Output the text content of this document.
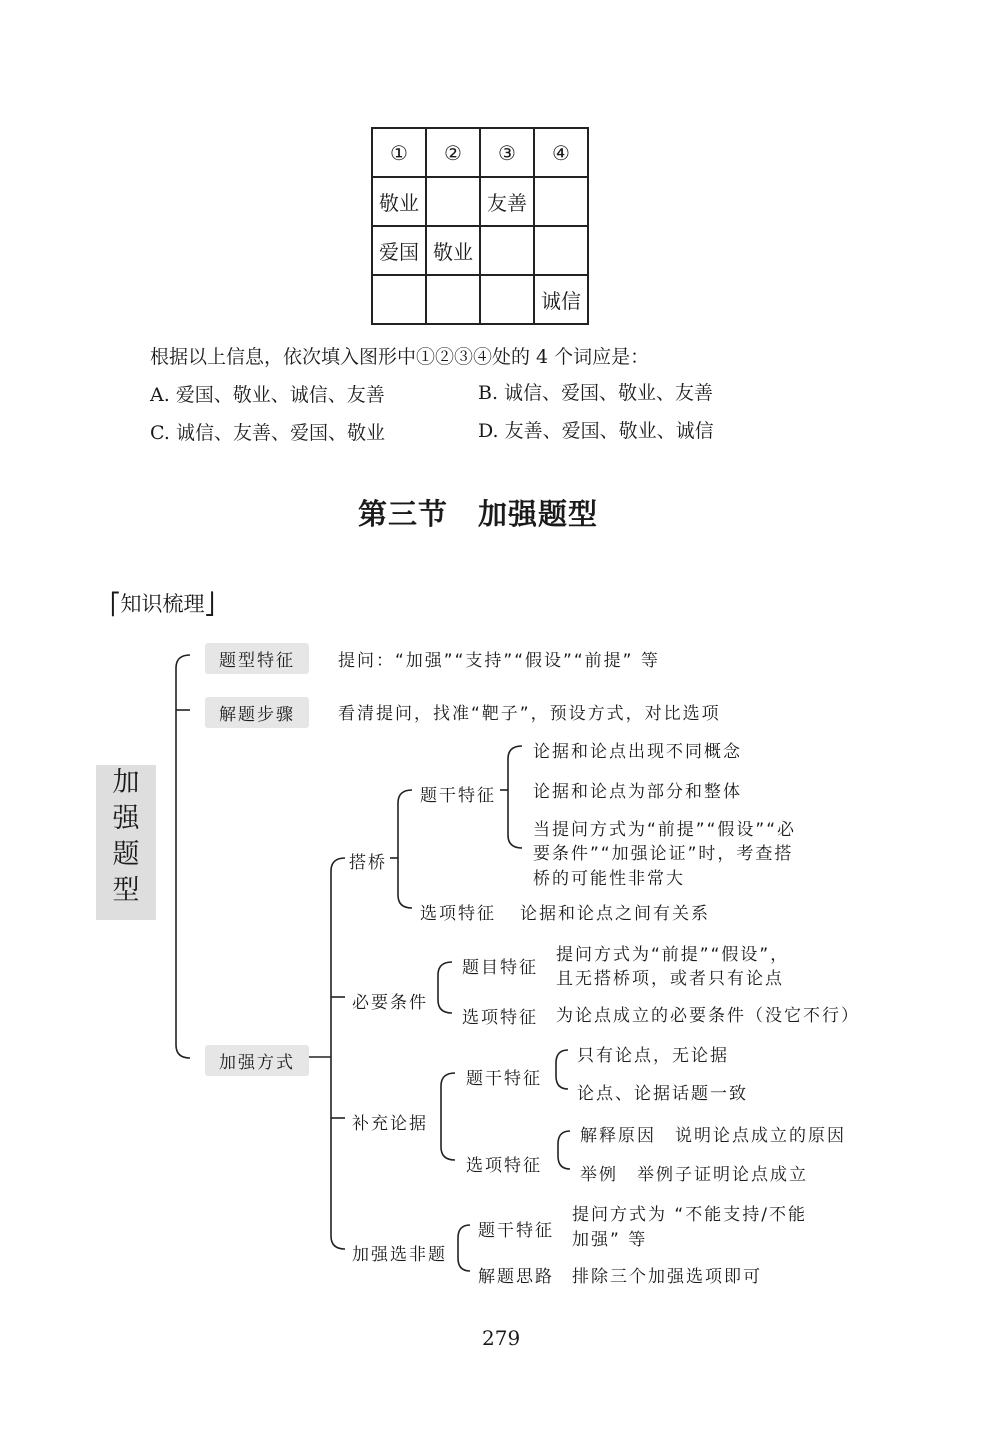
①	②	③	④
敬业		友善	
爱国	敬业		
			诚信
根据以上信息，依次填入图形中①②③④处的 4 个词应是：
A. 爱国、敬业、诚信、友善	B. 诚信、爱国、敬业、友善
C. 诚信、友善、爱国、敬业	D. 友善、爱国、敬业、诚信
第三节　加强题型
⎡知识梳理⎦
加
强
题
型
题型特征	提问：“加强”“支持”“假设”“前提” 等
解题步骤	看清提问，找准“靶子”，预设方式，对比选项
加强方式
搭桥
题干特征
论据和论点出现不同概念
论据和论点为部分和整体
当提问方式为“前提”“假设”“必
要条件”“加强论证”时，考查搭
桥的可能性非常大
选项特征 论据和论点之间有关系
必要条件
题目特征
提问方式为“前提”“假设”，
且无搭桥项，或者只有论点
选项特征 为论点成立的必要条件（没它不行）
补充论据
题干特征
只有论点，无论据
论点、论据话题一致
选项特征
解释原因　说明论点成立的原因
举例　举例子证明论点成立
加强选非题
题干特征
提问方式为 “不能支持/不能
加强” 等
解题思路 排除三个加强选项即可
279
